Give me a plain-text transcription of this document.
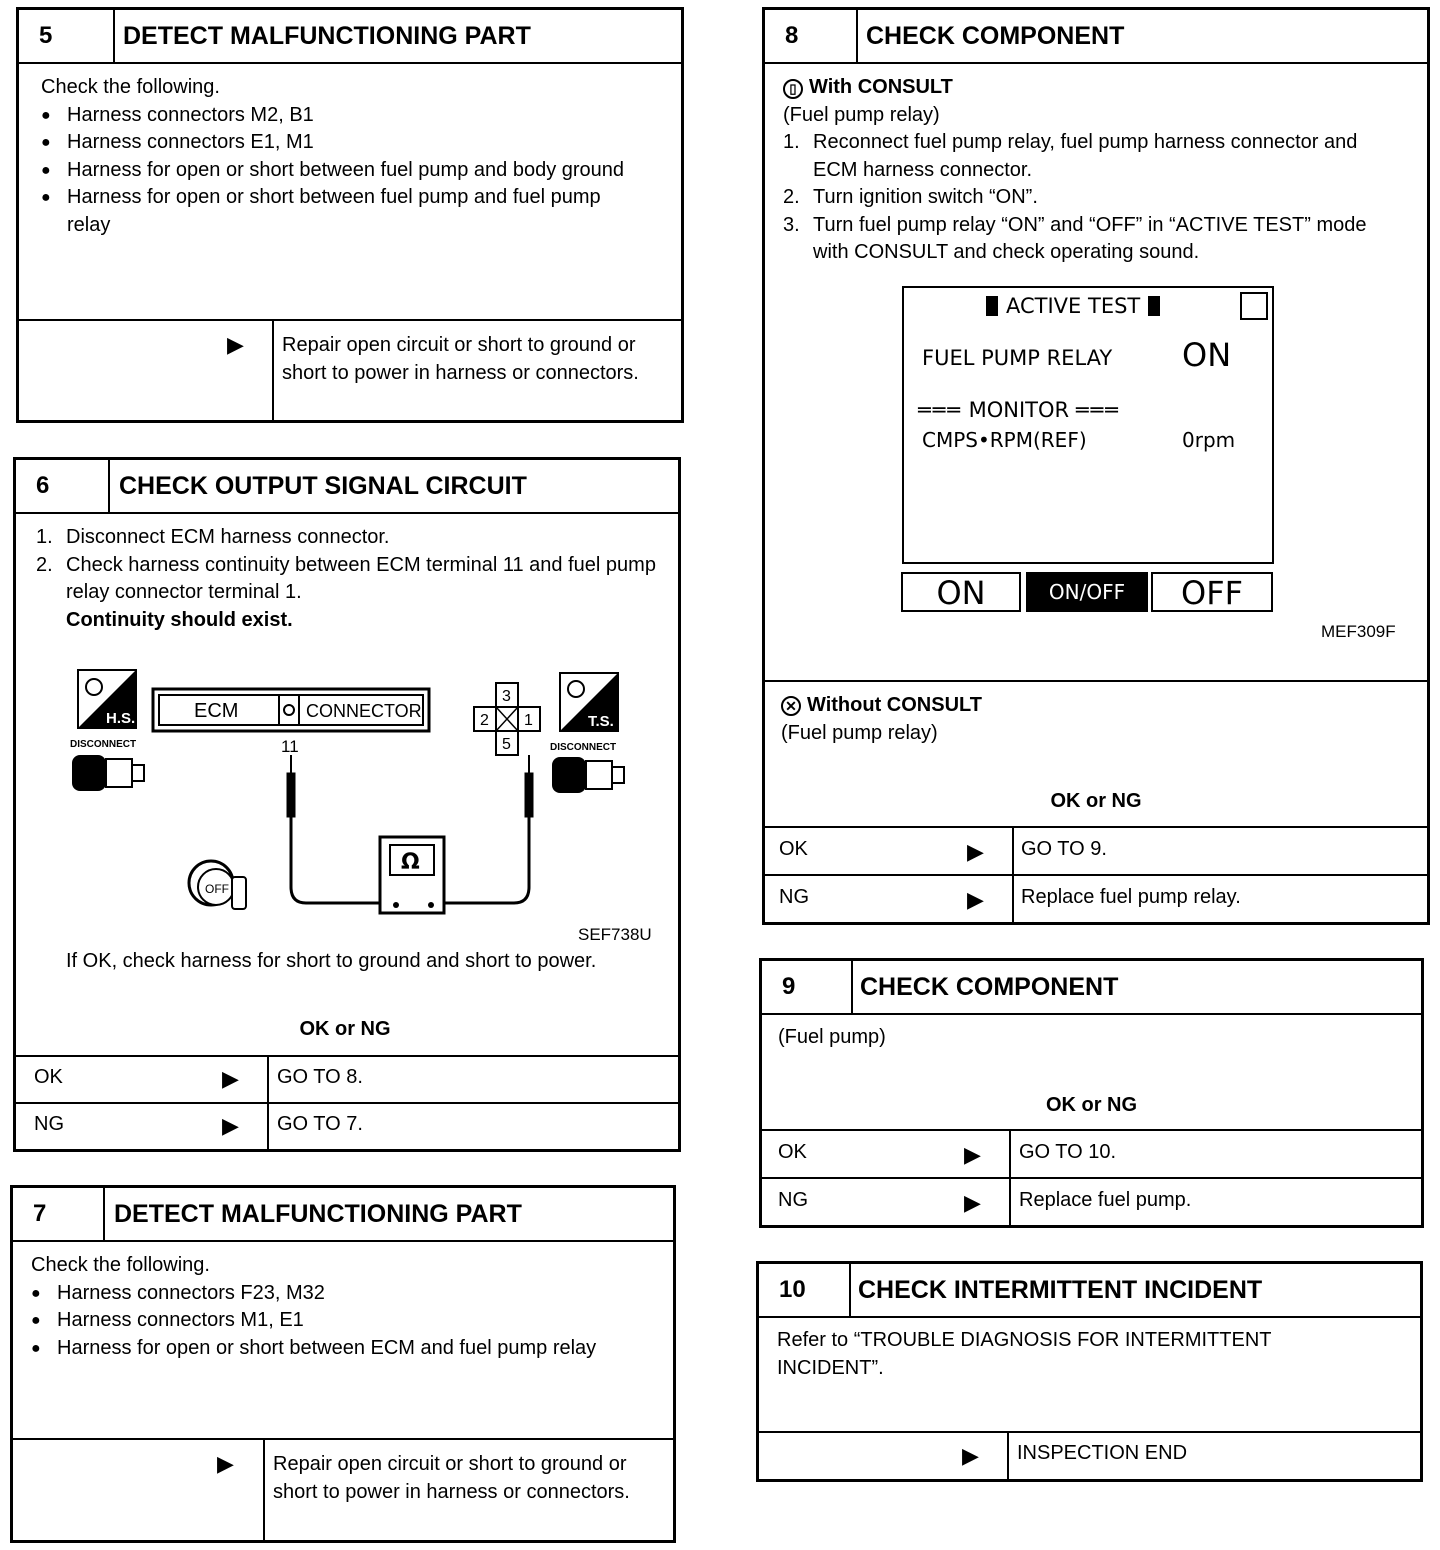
5	DETECT MALFUNCTIONING PART
Check the following.
● Harness connectors M2, B1
● Harness connectors E1, M1
● Harness for open or short between fuel pump and body ground
● Harness for open or short between fuel pump and fuel pump relay
▶ Repair open circuit or short to ground or short to power in harness or connectors.
6	CHECK OUTPUT SIGNAL CIRCUIT
1. Disconnect ECM harness connector.
2. Check harness continuity between ECM terminal 11 and fuel pump relay connector terminal 1.
Continuity should exist.
H.S.
DISCONNECT
ECM	CONNECTOR
11
3
2 1
5
T.S.
DISCONNECT
Ω
OFF
SEF738U
If OK, check harness for short to ground and short to power.
OK or NG
OK	▶ GO TO 8.
NG	▶ GO TO 7.
7	DETECT MALFUNCTIONING PART
Check the following.
● Harness connectors F23, M32
● Harness connectors M1, E1
● Harness for open or short between ECM and fuel pump relay
▶ Repair open circuit or short to ground or short to power in harness or connectors.
8	CHECK COMPONENT
▯ With CONSULT
(Fuel pump relay)
1. Reconnect fuel pump relay, fuel pump harness connector and ECM harness connector.
2. Turn ignition switch “ON”.
3. Turn fuel pump relay “ON” and “OFF” in “ACTIVE TEST” mode with CONSULT and check operating sound.
ACTIVE TEST
FUEL PUMP RELAY ON
═══ MONITOR ═══
CMPS•RPM(REF)	0rpm
ON	ON/OFF	OFF
MEF309F
✕ Without CONSULT
(Fuel pump relay)
OK or NG
OK	▶ GO TO 9.
NG	▶ Replace fuel pump relay.
9	CHECK COMPONENT
(Fuel pump)
OK or NG
OK	▶ GO TO 10.
NG	▶ Replace fuel pump.
10	CHECK INTERMITTENT INCIDENT
Refer to “TROUBLE DIAGNOSIS FOR INTERMITTENT INCIDENT”.
▶ INSPECTION END
